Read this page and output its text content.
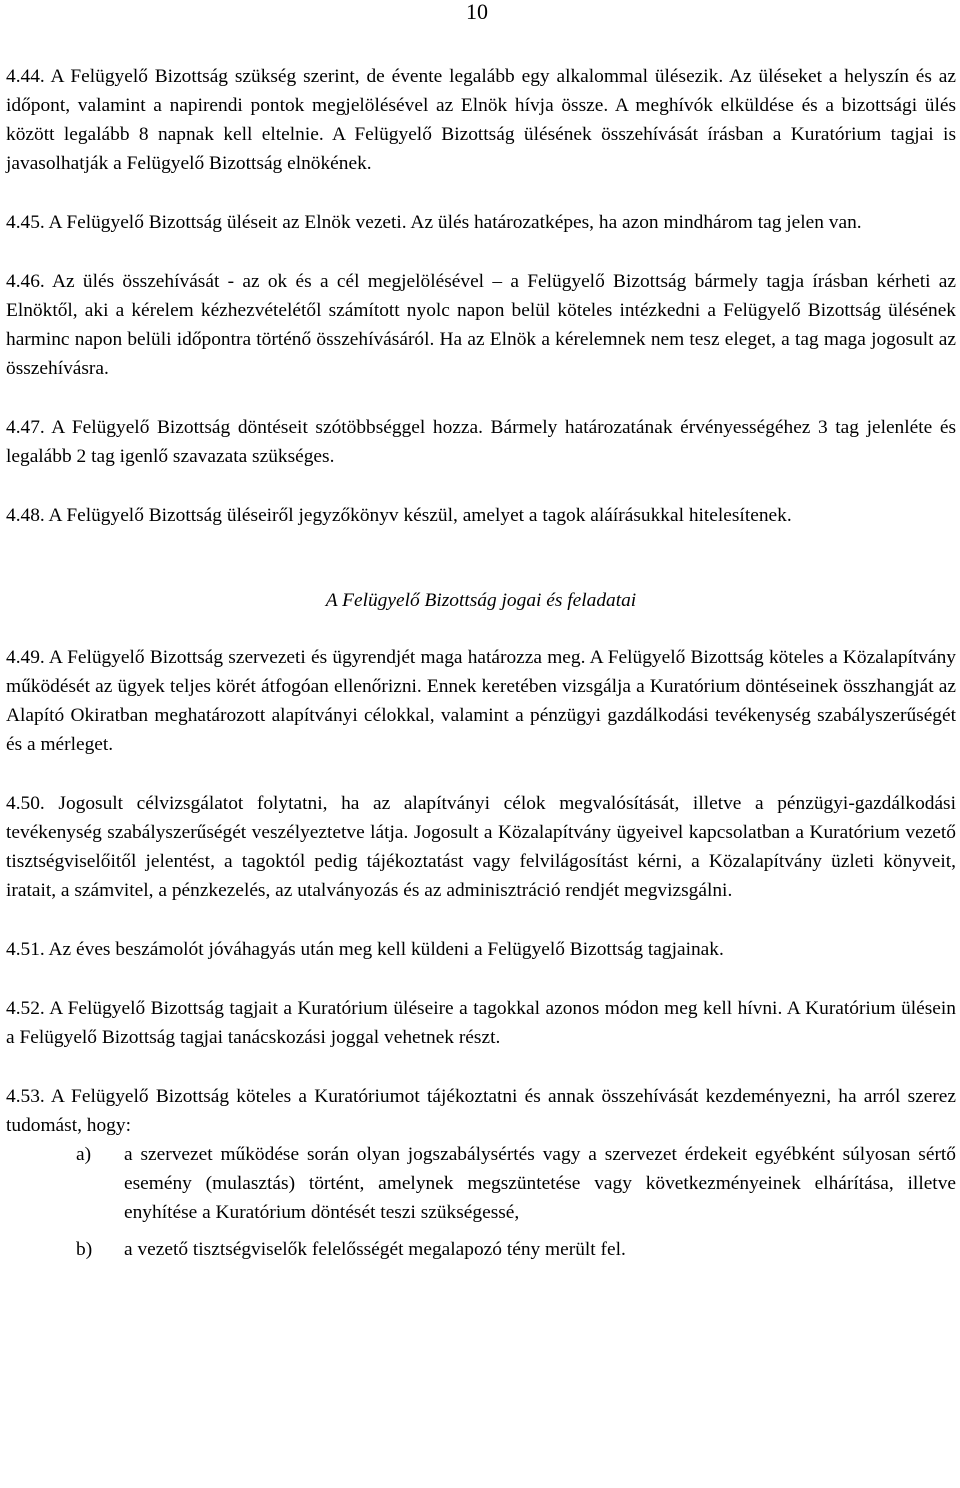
10

4.44. A Felügyelő Bizottság szükség szerint, de évente legalább egy alkalommal ülésezik. Az üléseket a helyszín és az időpont, valamint a napirendi pontok megjelölésével az Elnök hívja össze. A meghívók elküldése és a bizottsági ülés között legalább 8 napnak kell eltelnie. A Felügyelő Bizottság ülésének összehívását írásban a Kuratórium tagjai is javasolhatják a Felügyelő Bizottság elnökének.

4.45. A Felügyelő Bizottság üléseit az Elnök vezeti. Az ülés határozatképes, ha azon mindhárom tag jelen van.

4.46. Az ülés összehívását - az ok és a cél megjelölésével – a Felügyelő Bizottság bármely tagja írásban kérheti az Elnöktől, aki a kérelem kézhezvételétől számított nyolc napon belül köteles intézkedni a Felügyelő Bizottság ülésének harminc napon belüli időpontra történő összehívásáról. Ha az Elnök a kérelemnek nem tesz eleget, a tag maga jogosult az összehívásra.

4.47. A Felügyelő Bizottság döntéseit szótöbbséggel hozza. Bármely határozatának érvényességéhez 3 tag jelenléte és legalább 2 tag igenlő szavazata szükséges.

4.48. A Felügyelő Bizottság üléseiről jegyzőkönyv készül, amelyet a tagok aláírásukkal hitelesítenek.

A Felügyelő Bizottság jogai és feladatai

4.49. A Felügyelő Bizottság szervezeti és ügyrendjét maga határozza meg. A Felügyelő Bizottság köteles a Közalapítvány működését az ügyek teljes körét átfogóan ellenőrizni. Ennek keretében vizsgálja a Kuratórium döntéseinek összhangját az Alapító Okiratban meghatározott alapítványi célokkal, valamint a pénzügyi gazdálkodási tevékenység szabályszerűségét és a mérleget.

4.50. Jogosult célvizsgálatot folytatni, ha az alapítványi célok megvalósítását, illetve a pénzügyi-gazdálkodási tevékenység szabályszerűségét veszélyeztetve látja. Jogosult a Közalapítvány ügyeivel kapcsolatban a Kuratórium vezető tisztségviselőitől jelentést, a tagoktól pedig tájékoztatást vagy felvilágosítást kérni, a Közalapítvány üzleti könyveit, iratait, a számvitel, a pénzkezelés, az utalványozás és az adminisztráció rendjét megvizsgálni.

4.51. Az éves beszámolót jóváhagyás után meg kell küldeni a Felügyelő Bizottság tagjainak.

4.52. A Felügyelő Bizottság tagjait a Kuratórium üléseire a tagokkal azonos módon meg kell hívni. A Kuratórium ülésein a Felügyelő Bizottság tagjai tanácskozási joggal vehetnek részt.

4.53. A Felügyelő Bizottság köteles a Kuratóriumot tájékoztatni és annak összehívását kezdeményezni, ha arról szerez tudomást, hogy:

a)	a szervezet működése során olyan jogszabálysértés vagy a szervezet érdekeit egyébként súlyosan sértő esemény (mulasztás) történt, amelynek megszüntetése vagy következményeinek elhárítása, illetve enyhítése a Kuratórium döntését teszi szükségessé,
b)	a vezető tisztségviselők felelősségét megalapozó tény merült fel.
